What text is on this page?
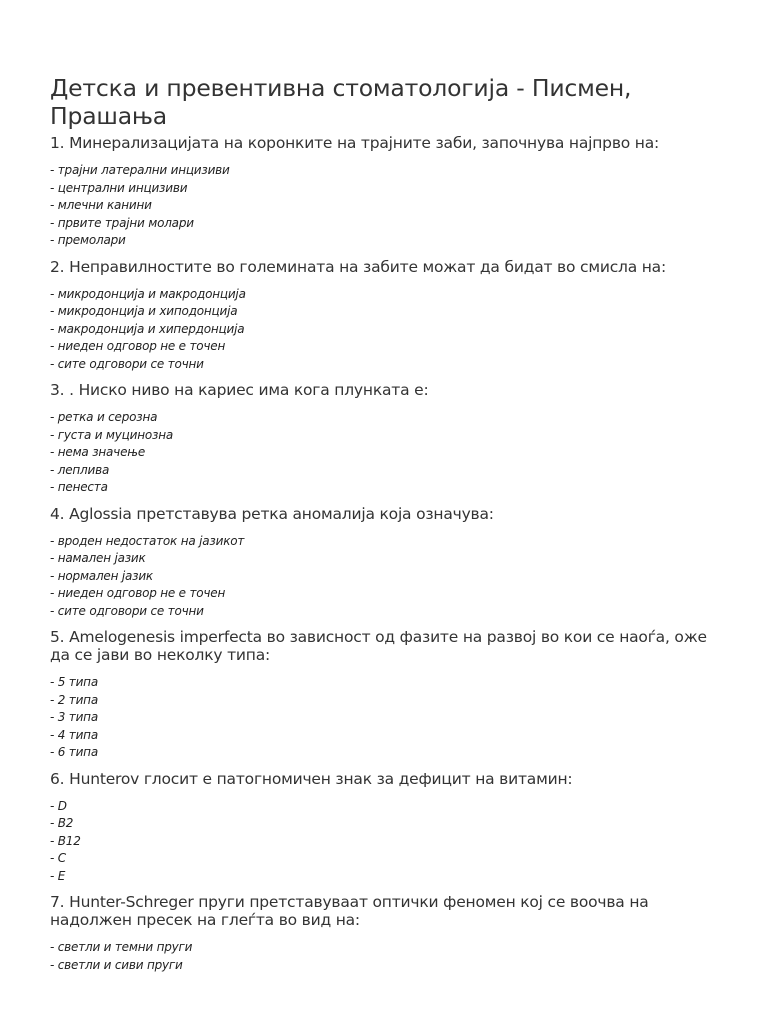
Детска и превентивна стоматологија - Писмен, Прашања

1. Минерализацијата на коронките на трајните заби, започнува најпрво на:

- трајни латерални инцизиви
- централни инцизиви
- млечни канини
- првите трајни молари
- премолари

2. Неправилностите во големината на забите можат да бидат во смисла на:

- микродонција и макродонција
- микродонција и хиподонција
- макродонција и хипердонција
- ниеден одговор не е точен
- сите одговори се точни

3. . Ниско ниво на кариес има кога плунката е:

- ретка и серозна
- густа и муцинозна
- нема значење
- леплива
- пенеста

4. Aglossia претставува ретка аномалија која означува:

- вроден недостаток на јазикот
- намален јазик
- нормален јазик
- ниеден одговор не е точен
- сите одговори се точни

5. Amelogenesis imperfecta во зависност од фазите на развој во кои се наоѓа, оже да се јави во неколку типа:

- 5 типа
- 2 типа
- 3 типа
- 4 типа
- 6 типа

6. Hunterov глосит е патогномичен знак за дефицит на витамин:

- D
- B2
- B12
- C
- E

7. Hunter-Schreger пруги претставуваат оптички феномен кој се воочва на надолжен пресек на глеѓта во вид на:

- светли и темни пруги
- светли и сиви пруги
